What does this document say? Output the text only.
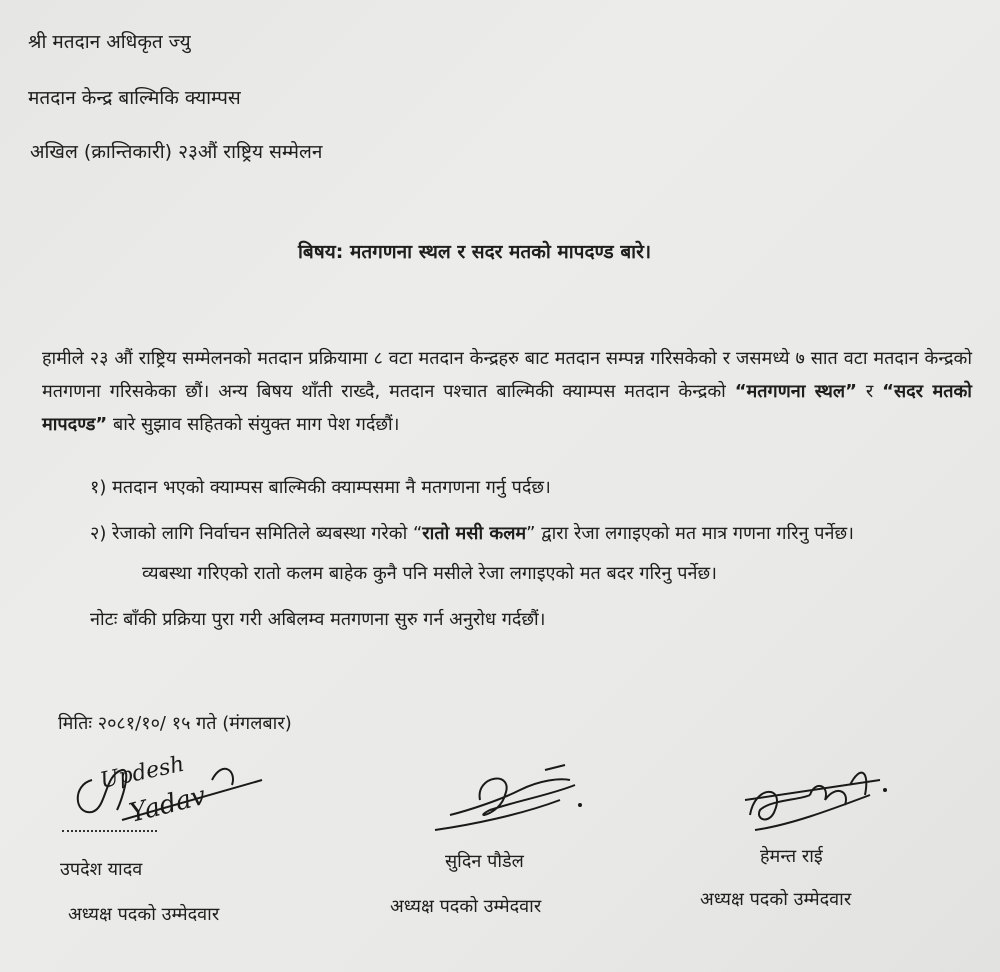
श्री मतदान अधिकृत ज्यु
मतदान केन्द्र बाल्मिकि क्याम्पस
अखिल (क्रान्तिकारी) २३औं राष्ट्रिय सम्मेलन
बिषय: मतगणना स्थल र सदर मतको मापदण्ड बारे।
हामीले २३ औं राष्ट्रिय सम्मेलनको मतदान प्रक्रियामा ८ वटा मतदान केन्द्रहरु बाट मतदान सम्पन्न गरिसकेको र जसमध्ये ७ सात वटा मतदान केन्द्रको मतगणना गरिसकेका छौं। अन्य बिषय थाँती राख्दै, मतदान पश्चात बाल्मिकी क्याम्पस मतदान केन्द्रको “मतगणना स्थल” र “सदर मतको मापदण्ड” बारे सुझाव सहितको संयुक्त माग पेश गर्दछौं।
१) मतदान भएको क्याम्पस बाल्मिकी क्याम्पसमा नै मतगणना गर्नु पर्दछ।
२) रेजाको लागि निर्वाचन समितिले ब्यबस्था गरेको “रातो मसी कलम” द्वारा रेजा लगाइएको मत मात्र गणना गरिनु पर्नेछ।
व्यबस्था गरिएको रातो कलम बाहेक कुनै पनि मसीले रेजा लगाइएको मत बदर गरिनु पर्नेछ।
नोटः बाँकी प्रक्रिया पुरा गरी अबिलम्व मतगणना सुरु गर्न अनुरोध गर्दछौं।
मितिः २०८१/१०/ १५ गते (मंगलबार)
Updesh
Yadav
उपदेश यादव
अध्यक्ष पदको उम्मेदवार
सुदिन पौडेल
अध्यक्ष पदको उम्मेदवार
हेमन्त राई
अध्यक्ष पदको उम्मेदवार
